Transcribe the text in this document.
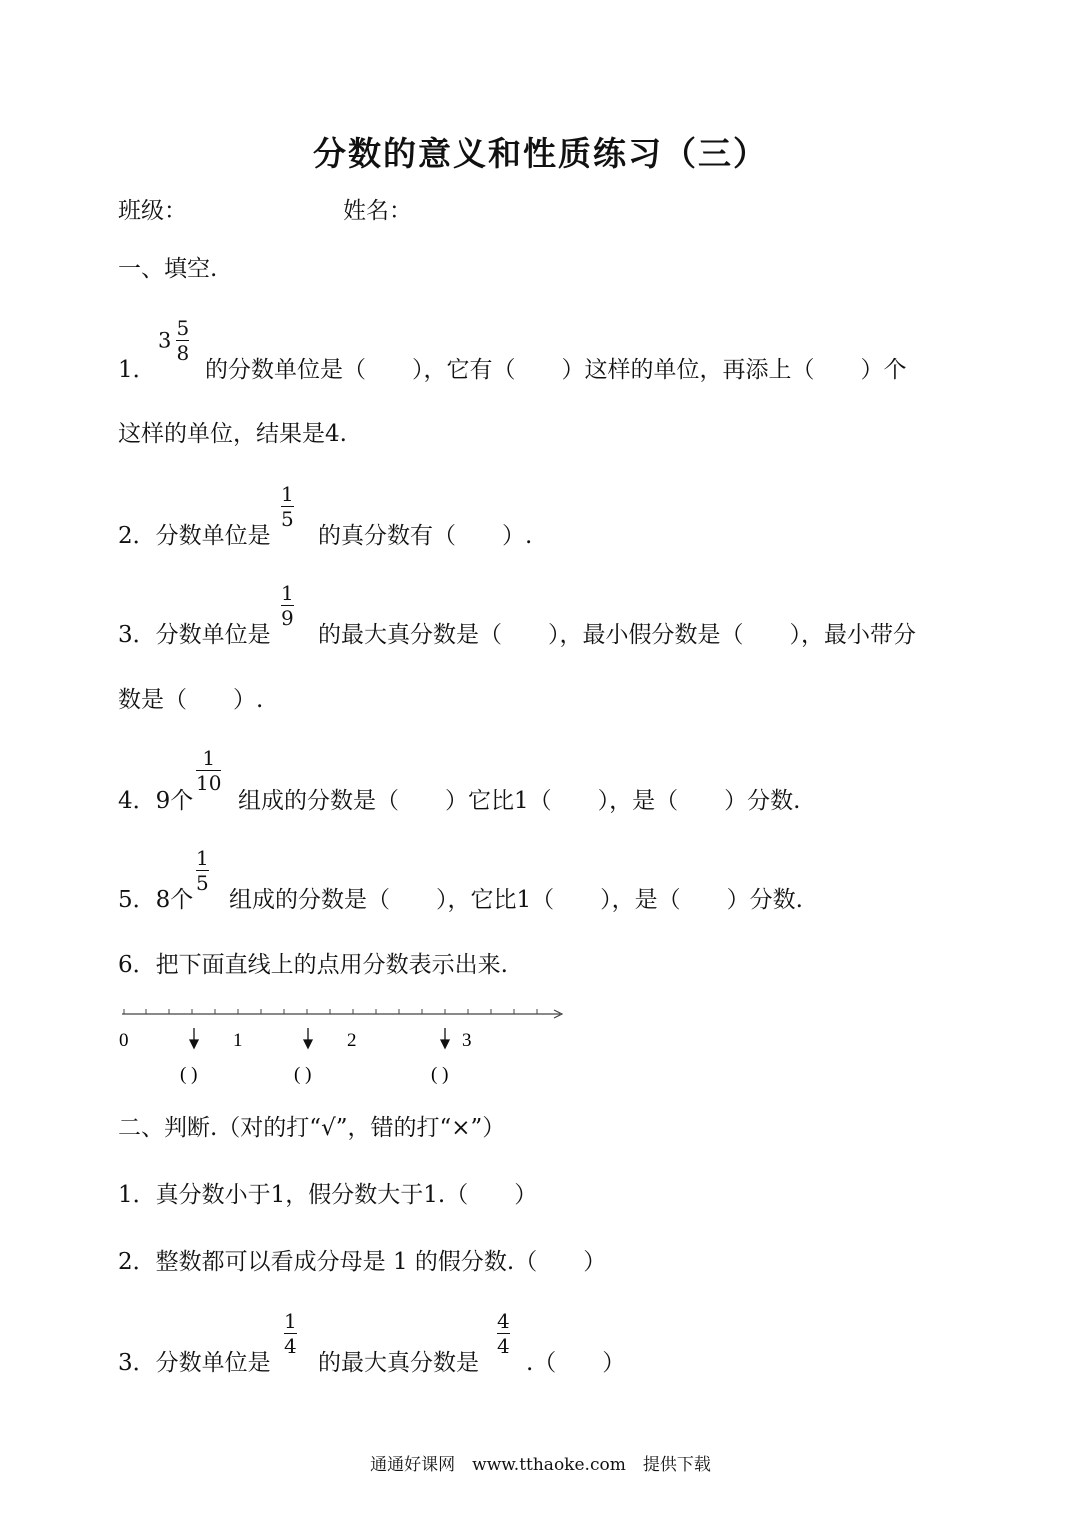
分数的意义和性质练习（三）
班级：	姓名：
一、填空.
1．
$3 \frac{5}{8}$
的分数单位是（　　），它有（　　）这样的单位，再添上（　　）个
这样的单位，结果是4.
2．分数单位是
$\frac{1}{5}$
的真分数有（　　）.
3．分数单位是
$\frac{1}{9}$
的最大真分数是（　　），最小假分数是（　　），最小带分
数是（　　）.
4．9个
$\frac{1}{10}$
组成的分数是（　　）它比1（　　），是（　　）分数.
5．8个
$\frac{1}{5}$
组成的分数是（　　），它比1（　　），是（　　）分数.
6．把下面直线上的点用分数表示出来.
0	1	2	3
( )	( )	( )
二、判断.（对的打“√”，错的打“×”）
1．真分数小于1，假分数大于1.（　　）
2．整数都可以看成分母是 1 的假分数.（　　）
3．分数单位是
$\frac{1}{4}$
的最大真分数是
$\frac{4}{4}$
.（　　）
通通好课网　www.tthaoke.com　提供下载
